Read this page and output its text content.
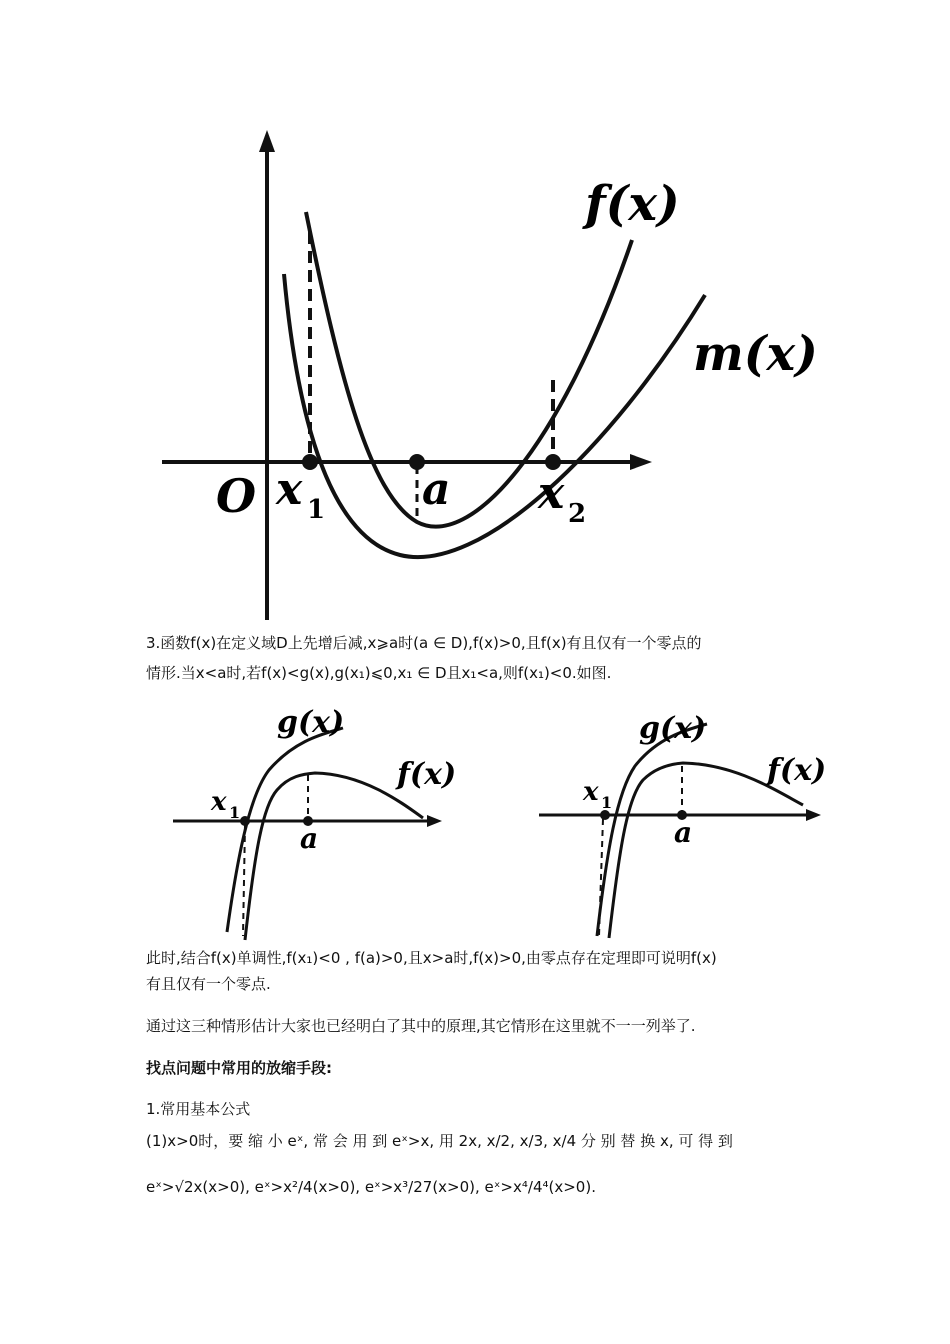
O x 1 a x 2
f(x)
m(x)
3.函数f(x)在定义域D上先增后减,x⩾a时(a ∈ D),f(x)>0,且f(x)有且仅有一个零点的
情形.当x<a时,若f(x)<g(x),g(x₁)⩽0,x₁ ∈ D且x₁<a,则f(x₁)<0.如图.
g(x)
f(x)
x 1
a
g(x)
f(x)
x 1
a
此时,结合f(x)单调性,f(x₁)<0 , f(a)>0,且x>a时,f(x)>0,由零点存在定理即可说明f(x)
有且仅有一个零点.
通过这三种情形估计大家也已经明白了其中的原理,其它情形在这里就不一一列举了.
找点问题中常用的放缩手段:
1.常用基本公式
(1)x>0时，要 缩 小 eˣ, 常 会 用 到 eˣ>x, 用 2x, x/2, x/3, x/4 分 别 替 换 x, 可 得 到
eˣ>√2x(x>0), eˣ>x²/4(x>0), eˣ>x³/27(x>0), eˣ>x⁴/4⁴(x>0).
